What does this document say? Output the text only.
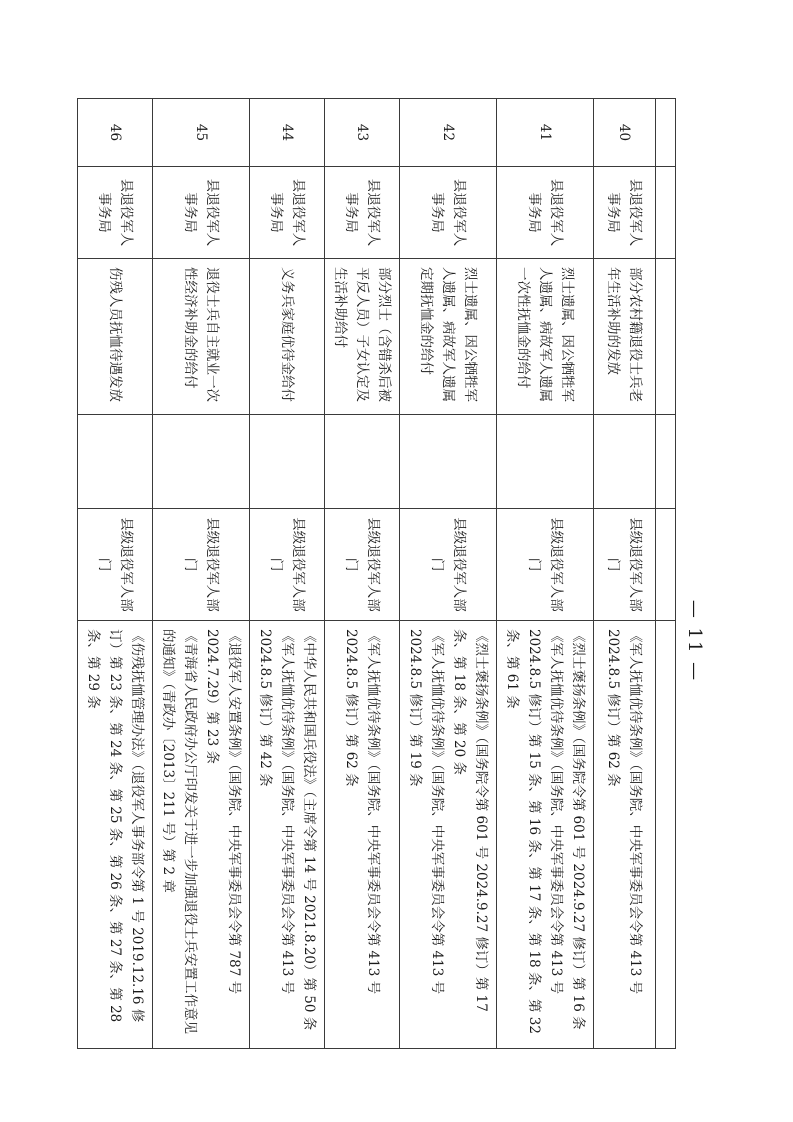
40	县退役军人事务局	部分农村籍退役士兵老年生活补助的发放		县级退役军人部门	《军人抚恤优待条例》（国务院、中央军事委员会令第 413 号 2024.8.5 修订）第 62 条

41	县退役军人事务局	烈士遗属、因公牺牲军人遗属、病故军人遗属一次性抚恤金的给付		县级退役军人部门	《烈士褒扬条例》（国务院令第 601 号 2024.9.27 修订）第 16 条
《军人抚恤优待条例》（国务院、中央军事委员会令第 413 号 2024.8.5 修订）第 15 条、第 16 条、第 17 条、第 18 条、第 32 条、第 61 条

42	县退役军人事务局	烈士遗属、因公牺牲军人遗属、病故军人遗属定期抚恤金的给付		县级退役军人部门	《烈士褒扬条例》（国务院令第 601 号 2024.9.27 修订）第 17 条、第 18 条、第 20 条
《军人抚恤优待条例》（国务院、中央军事委员会令第 413 号 2024.8.5 修订）第 19 条

43	县退役军人事务局	部分烈士（含错杀后被平反人员）子女认定及生活补助给付		县级退役军人部门	《军人抚恤优待条例》（国务院、中央军事委员会令第 413 号 2024.8.5 修订）第 62 条

44	县退役军人事务局	义务兵家庭优待金给付		县级退役军人部门	《中华人民共和国兵役法》（主席令第 14 号 2021.8.20）第 50 条
《军人抚恤优待条例》（国务院、中央军事委员会令第 413 号 2024.8.5 修订）第 42 条

45	县退役军人事务局	退役士兵自主就业一次性经济补助金的给付		县级退役军人部门	《退役军人安置条例》（国务院、中央军事委员会令第 787 号 2024.7.29）第 23 条
《青海省人民政府办公厅印发关于进一步加强退役士兵安置工作意见的通知》（青政办〔2013〕211 号）第 2 章

46	县退役军人事务局	伤残人员抚恤待遇发放		县级退役军人部门	《伤残抚恤管理办法》（退役军人事务部令第 1 号 2019.12.16 修订）第 23 条、第 24 条、第 25 条、第 26 条、第 27 条、第 28 条、第 29 条	— 11 —
